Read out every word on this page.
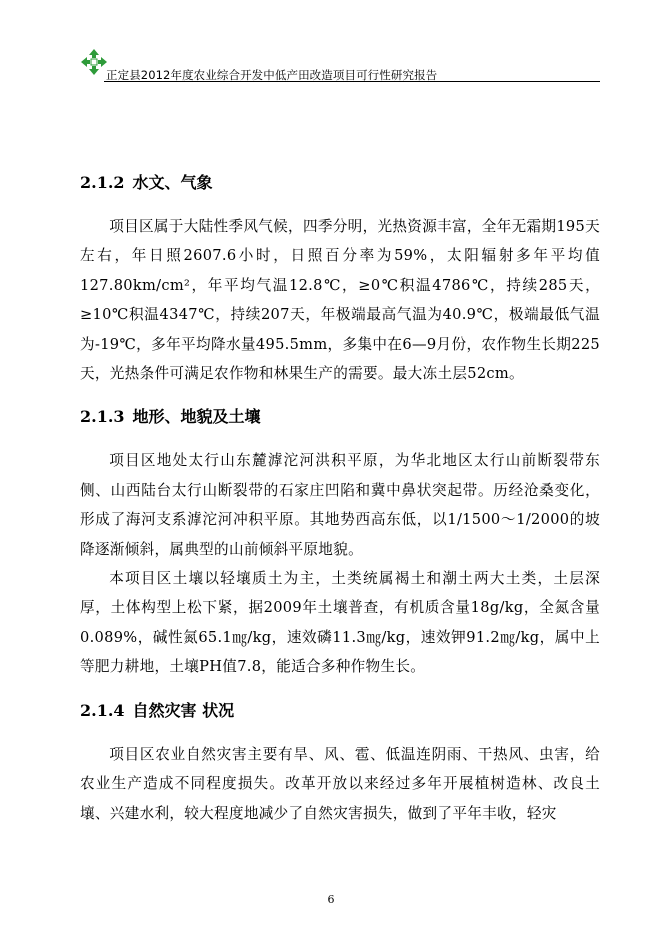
正定县2012年度农业综合开发中低产田改造项目可行性研究报告
2.1.2 水文、气象

项目区属于大陆性季风气候，四季分明，光热资源丰富，全年无霜期195天左右，年日照2607.6小时，日照百分率为59%，太阳辐射多年平均值127.80km/cm²，年平均气温12.8℃，≥0℃积温4786℃，持续285天，≥10℃积温4347℃，持续207天，年极端最高气温为40.9℃，极端最低气温为-19℃，多年平均降水量495.5mm，多集中在6—9月份，农作物生长期225天，光热条件可满足农作物和林果生产的需要。最大冻土层52cm。

2.1.3 地形、地貌及土壤

项目区地处太行山东麓滹沱河洪积平原，为华北地区太行山前断裂带东侧、山西陆台太行山断裂带的石家庄凹陷和冀中鼻状突起带。历经沧桑变化，形成了海河支系滹沱河冲积平原。其地势西高东低，以1/1500～1/2000的坡降逐渐倾斜，属典型的山前倾斜平原地貌。

本项目区土壤以轻壤质土为主，土类统属褐土和潮土两大土类，土层深厚，土体构型上松下紧，据2009年土壤普查，有机质含量18g/kg，全氮含量0.089%，碱性氮65.1㎎/kg，速效磷11.3㎎/kg，速效钾91.2㎎/kg，属中上等肥力耕地，土壤PH值7.8，能适合多种作物生长。

2.1.4 自然灾害 状况

项目区农业自然灾害主要有旱、风、雹、低温连阴雨、干热风、虫害，给农业生产造成不同程度损失。改革开放以来经过多年开展植树造林、改良土壤、兴建水利，较大程度地减少了自然灾害损失，做到了平年丰收，轻灾

6
